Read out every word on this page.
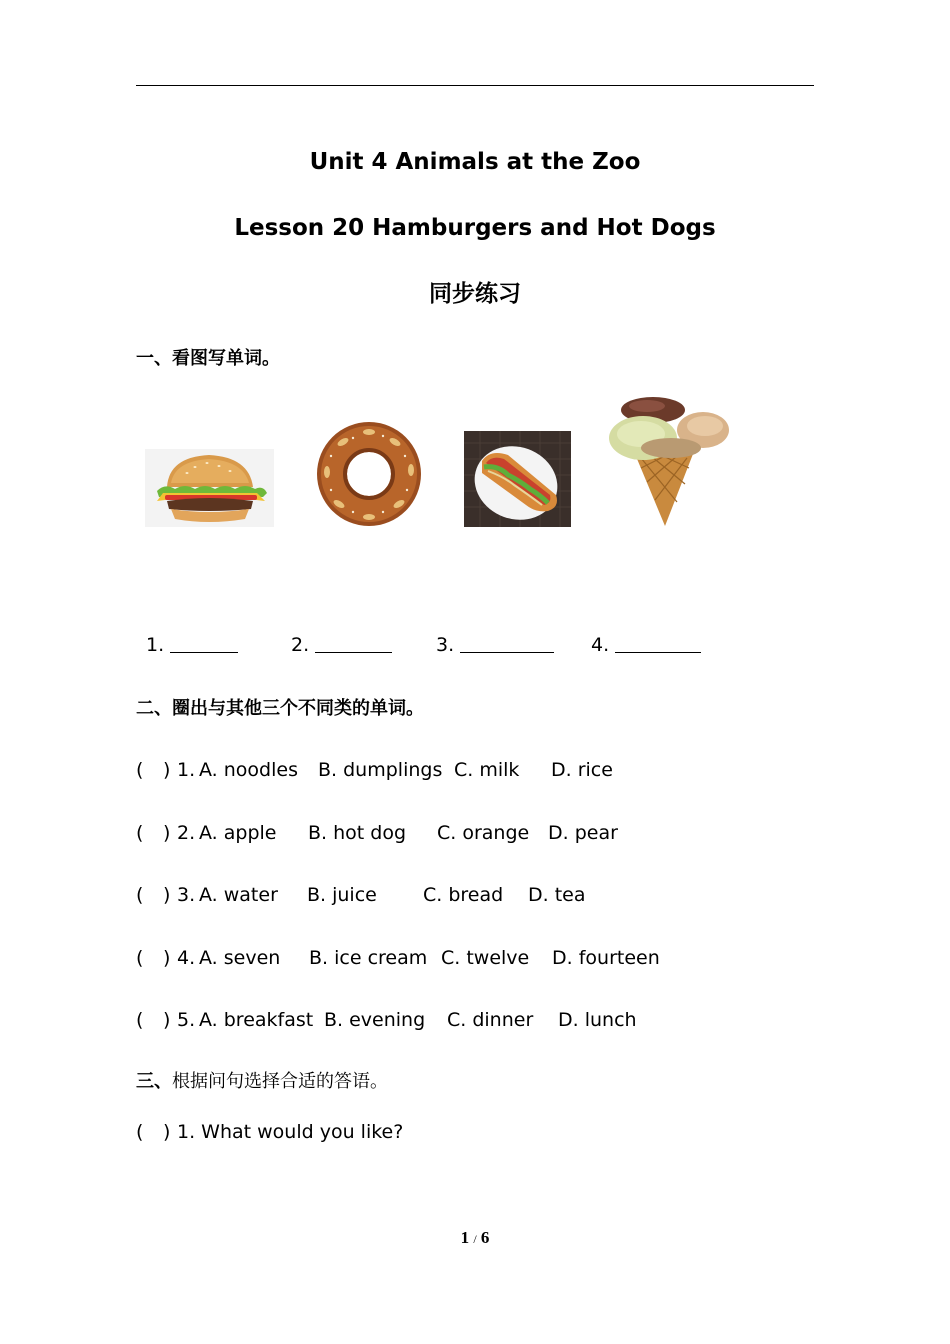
Unit 4 Animals at the Zoo
Lesson 20 Hamburgers and Hot Dogs
同步练习
一、看图写单词。
1.	2.	3.	4.
二、圈出与其他三个不同类的单词。
( ) 1. A. noodles B. dumplings C. milk D. rice
( ) 2. A. apple B. hot dog C. orange D. pear
( ) 3. A. water B. juice C. bread D. tea
( ) 4. A. seven B. ice cream C. twelve D. fourteen
( ) 5. A. breakfast B. evening C. dinner D. lunch
三、根据问句选择合适的答语。
( ) 1. What would you like?
1 / 6
